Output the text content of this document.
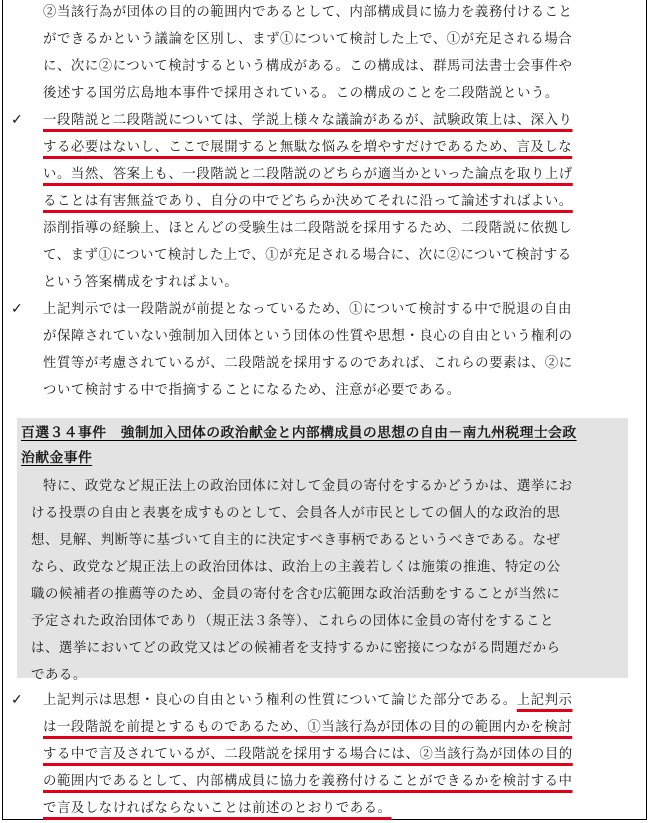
②当該行為が団体の目的の範囲内であるとして、内部構成員に協力を義務付けること
ができるかという議論を区別し、まず①について検討した上で、①が充足される場合
に、次に②について検討するという構成がある。この構成は、群馬司法書士会事件や
後述する国労広島地本事件で採用されている。この構成のことを二段階説という。
✓ 一段階説と二段階説については、学説上様々な議論があるが、試験政策上は、深入り
する必要はないし、ここで展開すると無駄な悩みを増やすだけであるため、言及しな
い。当然、答案上も、一段階説と二段階説のどちらが適当かといった論点を取り上げ
ることは有害無益であり、自分の中でどちらか決めてそれに沿って論述すればよい。
添削指導の経験上、ほとんどの受験生は二段階説を採用するため、二段階説に依拠し
て、まず①について検討した上で、①が充足される場合に、次に②について検討する
という答案構成をすればよい。
✓ 上記判示では一段階説が前提となっているため、①について検討する中で脱退の自由
が保障されていない強制加入団体という団体の性質や思想・良心の自由という権利の
性質等が考慮されているが、二段階説を採用するのであれば、これらの要素は、②に
ついて検討する中で指摘することになるため、注意が必要である。
百選３４事件　強制加入団体の政治献金と内部構成員の思想の自由－南九州税理士会政
治献金事件
特に、政党など規正法上の政治団体に対して金員の寄付をするかどうかは、選挙にお
ける投票の自由と表裏を成すものとして、会員各人が市民としての個人的な政治的思
想、見解、判断等に基づいて自主的に決定すべき事柄であるというべきである。なぜ
なら、政党など規正法上の政治団体は、政治上の主義若しくは施策の推進、特定の公
職の候補者の推薦等のため、金員の寄付を含む広範囲な政治活動をすることが当然に
予定された政治団体であり（規正法３条等）、これらの団体に金員の寄付をすること
は、選挙においてどの政党又はどの候補者を支持するかに密接につながる問題だから
である。
✓ 上記判示は思想・良心の自由という権利の性質について論じた部分である。上記判示
は一段階説を前提とするものであるため、①当該行為が団体の目的の範囲内かを検討
する中で言及されているが、二段階説を採用する場合には、②当該行為が団体の目的
の範囲内であるとして、内部構成員に協力を義務付けることができるかを検討する中
で言及しなければならないことは前述のとおりである。
